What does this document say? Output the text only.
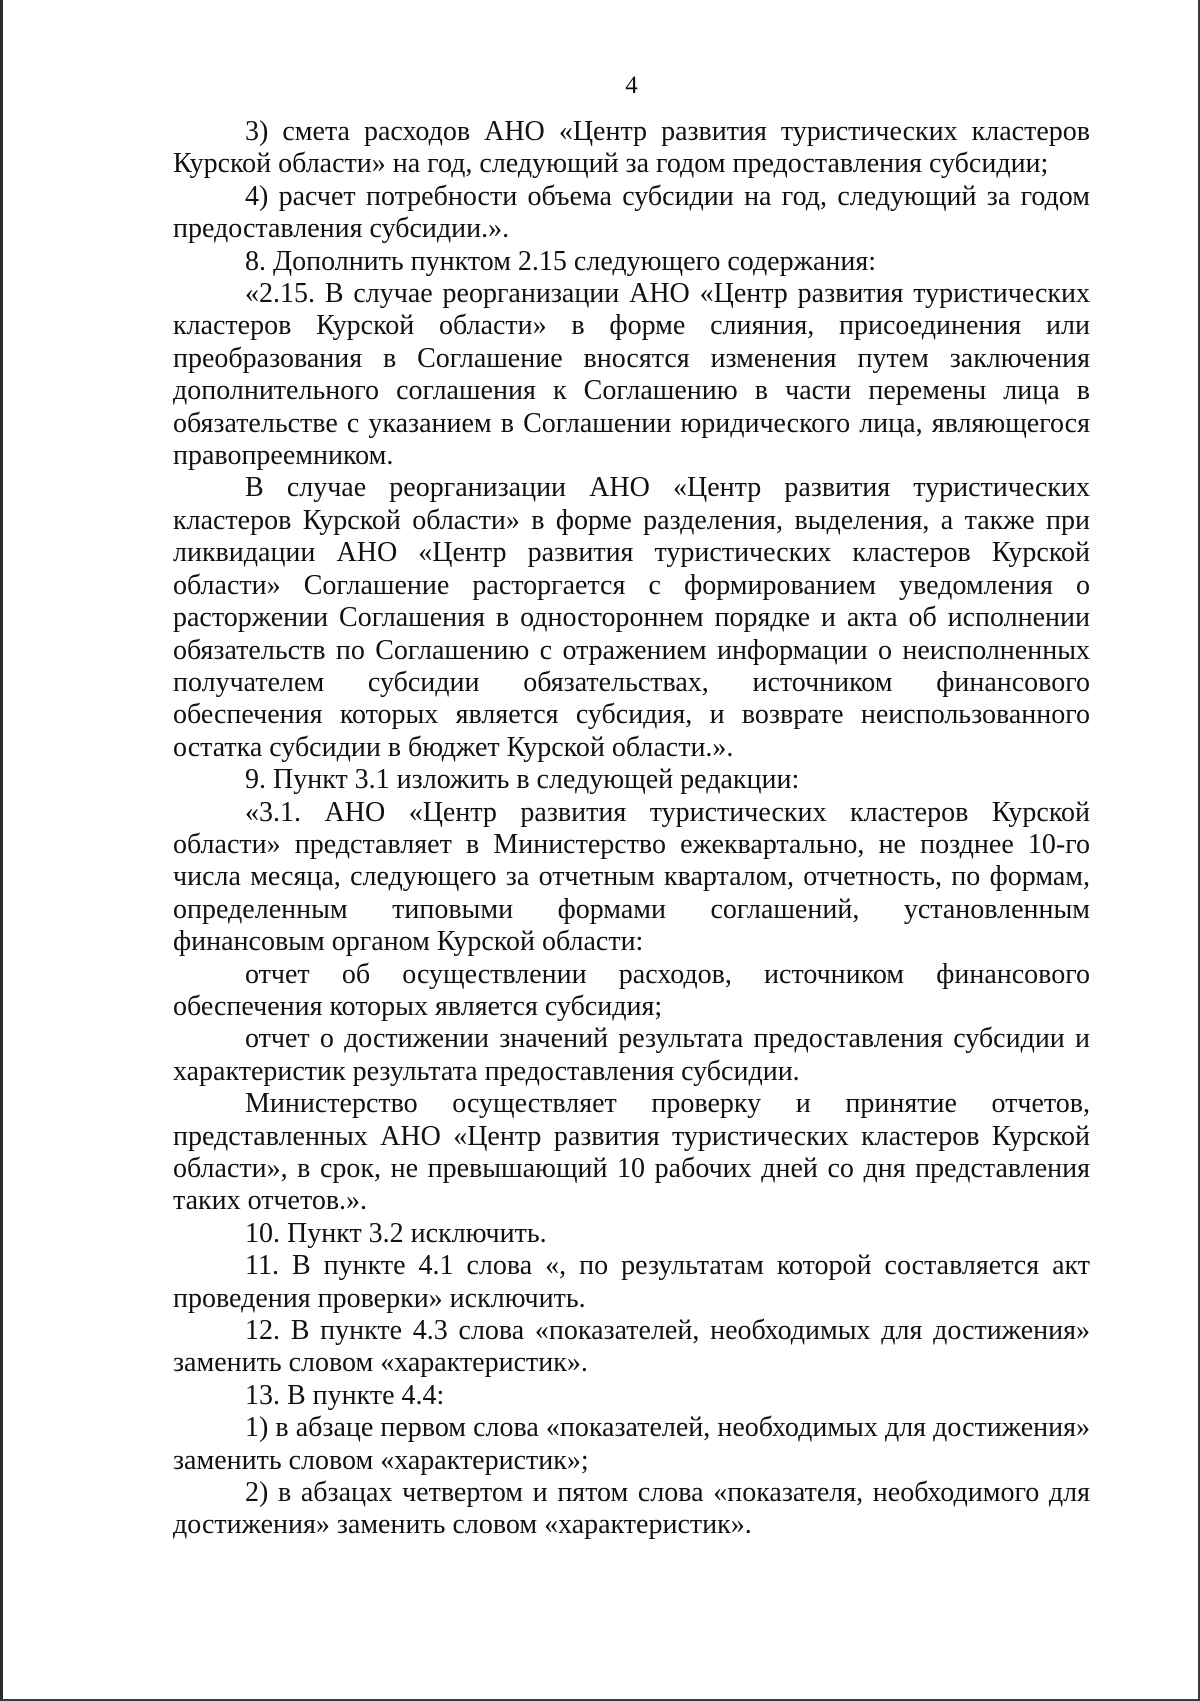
4

3) смета расходов АНО «Центр развития туристических кластеров Курской области» на год, следующий за годом предоставления субсидии;

4) расчет потребности объема субсидии на год, следующий за годом предоставления субсидии.».

8. Дополнить пунктом 2.15 следующего содержания:

«2.15. В случае реорганизации АНО «Центр развития туристических кластеров Курской области» в форме слияния, присоединения или преобразования в Соглашение вносятся изменения путем заключения дополнительного соглашения к Соглашению в части перемены лица в обязательстве с указанием в Соглашении юридического лица, являющегося правопреемником.

В случае реорганизации АНО «Центр развития туристических кластеров Курской области» в форме разделения, выделения, а также при ликвидации АНО «Центр развития туристических кластеров Курской области» Соглашение расторгается с формированием уведомления о расторжении Соглашения в одностороннем порядке и акта об исполнении обязательств по Соглашению с отражением информации о неисполненных получателем субсидии обязательствах, источником финансового обеспечения которых является субсидия, и возврате неиспользованного остатка субсидии в бюджет Курской области.».

9. Пункт 3.1 изложить в следующей редакции:

«3.1. АНО «Центр развития туристических кластеров Курской области» представляет в Министерство ежеквартально, не позднее 10-го числа месяца, следующего за отчетным кварталом, отчетность, по формам, определенным типовыми формами соглашений, установленным финансовым органом Курской области:

отчет об осуществлении расходов, источником финансового обеспечения которых является субсидия;

отчет о достижении значений результата предоставления субсидии и характеристик результата предоставления субсидии.

Министерство осуществляет проверку и принятие отчетов, представленных АНО «Центр развития туристических кластеров Курской области», в срок, не превышающий 10 рабочих дней со дня представления таких отчетов.».

10. Пункт 3.2 исключить.

11. В пункте 4.1 слова «, по результатам которой составляется акт проведения проверки» исключить.

12. В пункте 4.3 слова «показателей, необходимых для достижения» заменить словом «характеристик».

13. В пункте 4.4:

1) в абзаце первом слова «показателей, необходимых для достижения» заменить словом «характеристик»;

2) в абзацах четвертом и пятом слова «показателя, необходимого для достижения» заменить словом «характеристик».
